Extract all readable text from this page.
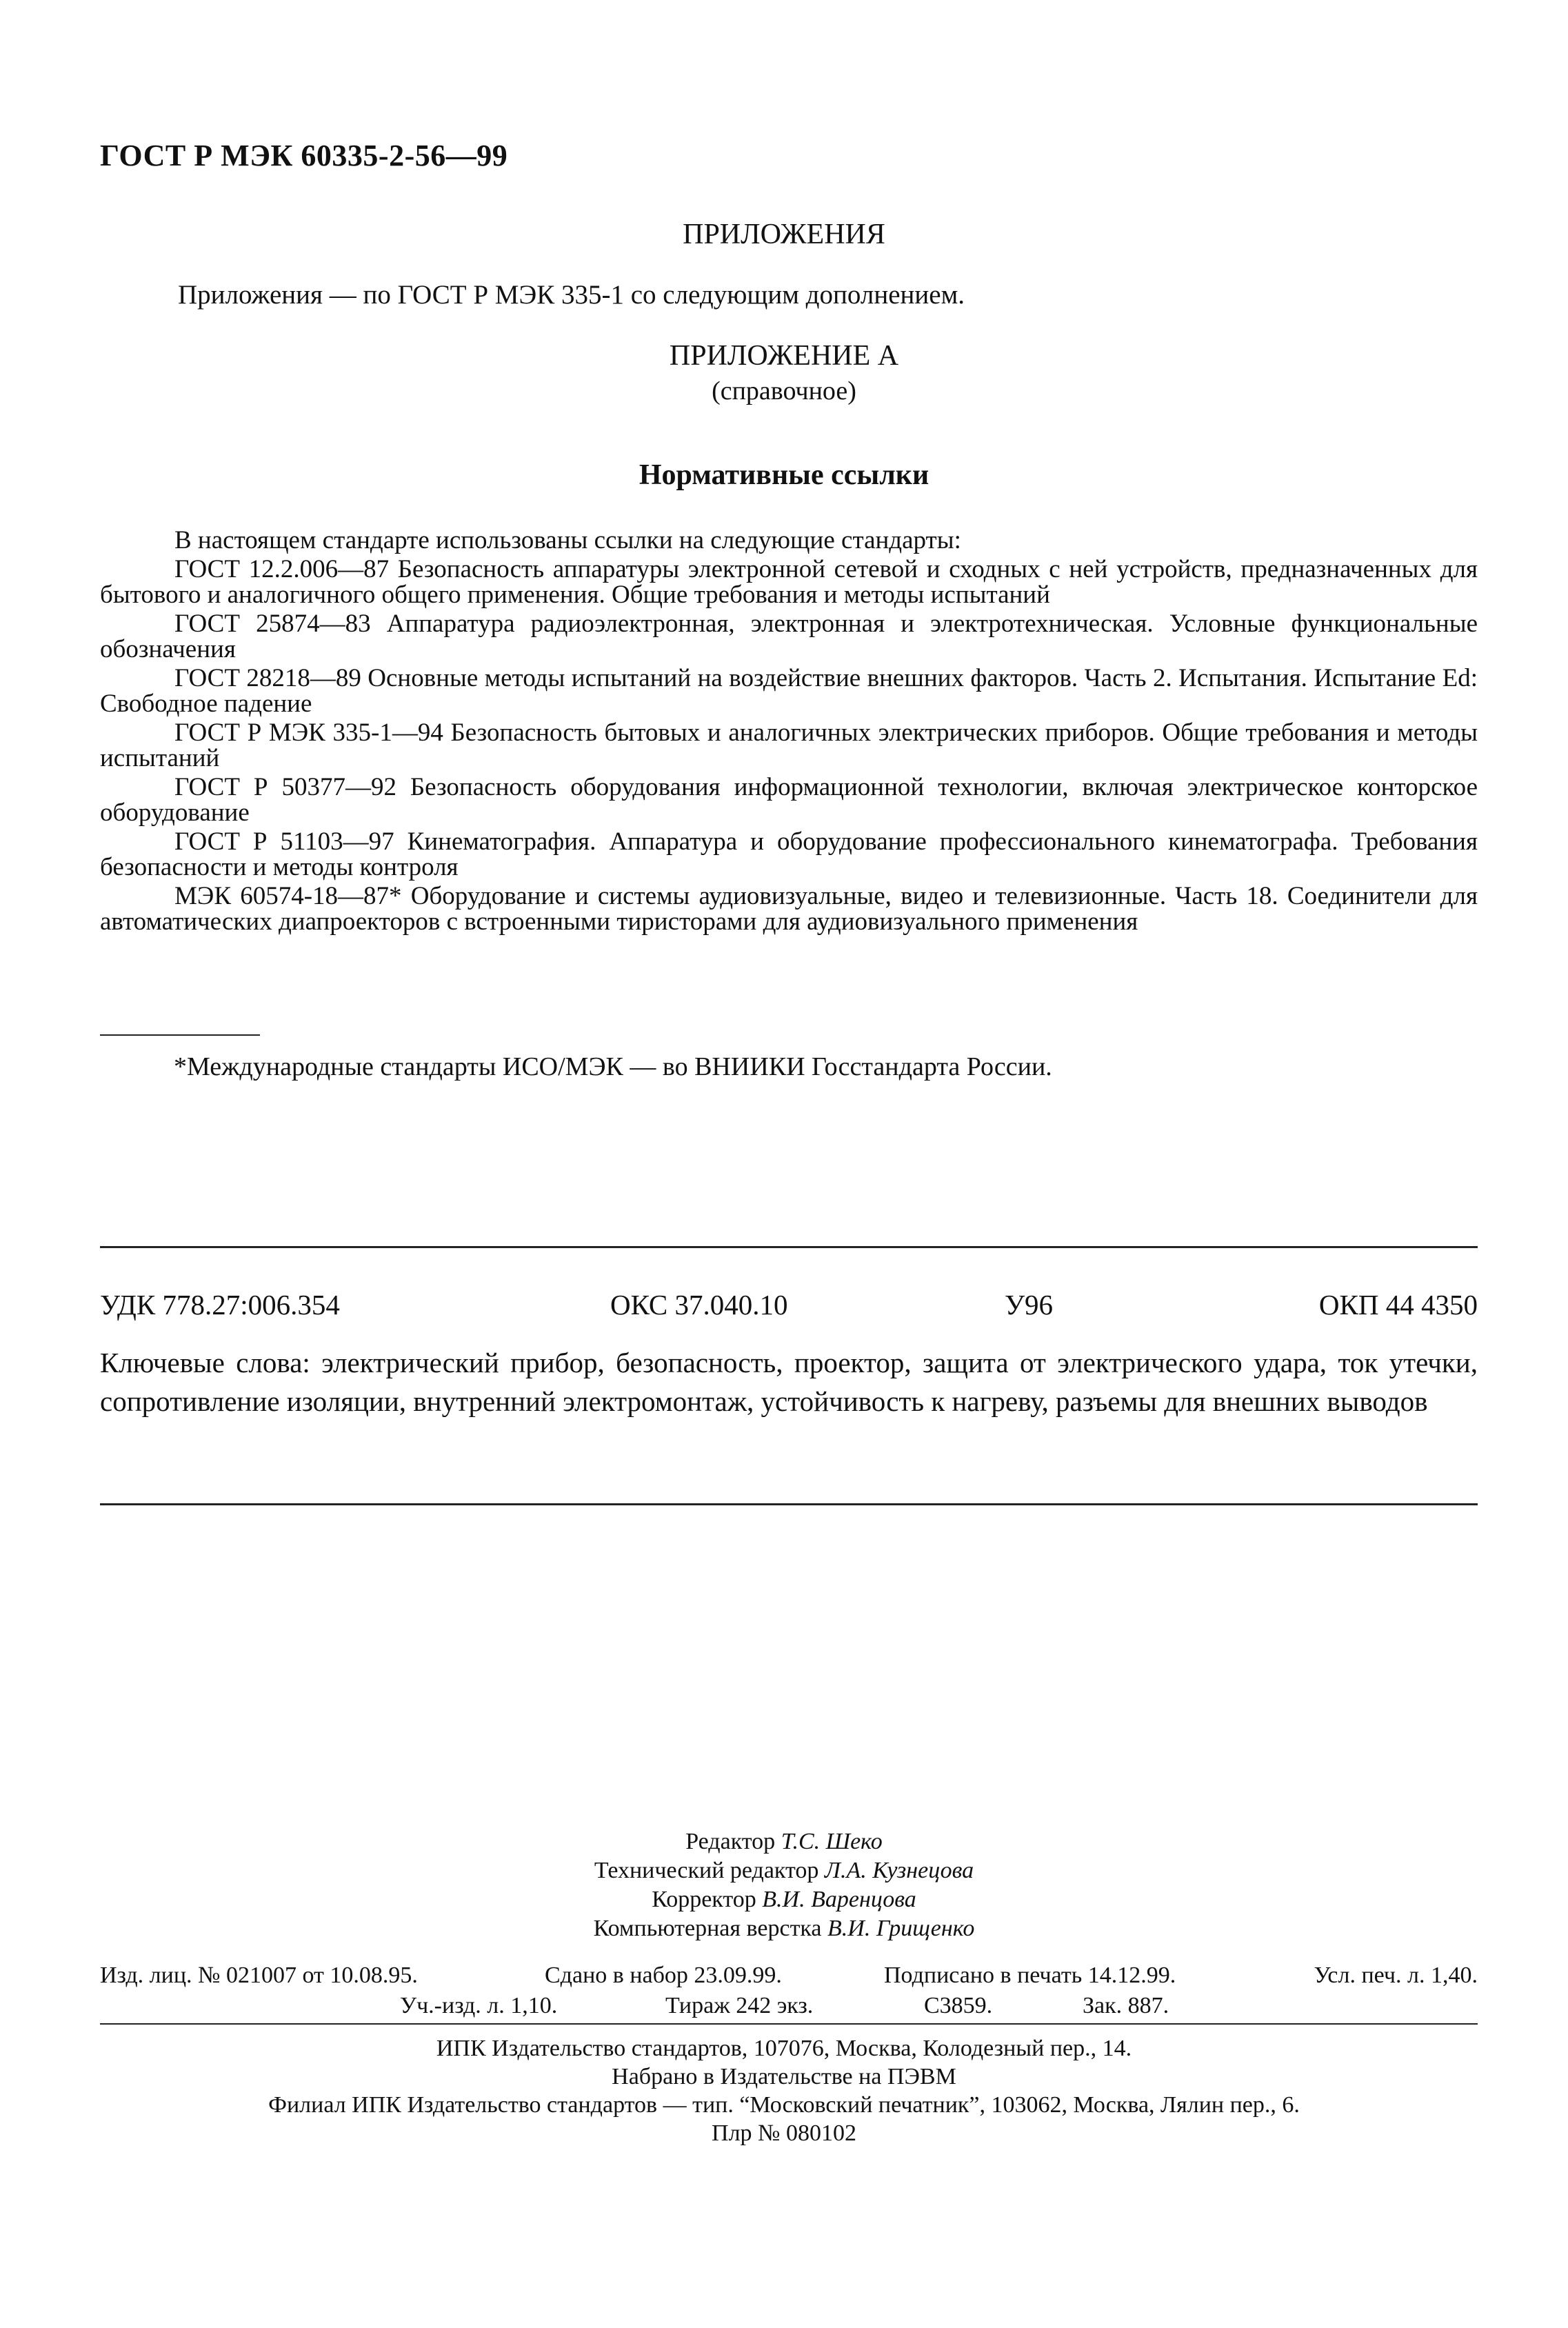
ГОСТ Р МЭК 60335-2-56—99
ПРИЛОЖЕНИЯ
Приложения — по ГОСТ Р МЭК 335-1 со следующим дополнением.
ПРИЛОЖЕНИЕ А
(справочное)
Нормативные ссылки

В настоящем стандарте использованы ссылки на следующие стандарты:

ГОСТ 12.2.006—87 Безопасность аппаратуры электронной сетевой и сходных с ней устройств, предназначенных для бытового и аналогичного общего применения. Общие требования и методы испытаний

ГОСТ 25874—83 Аппаратура радиоэлектронная, электронная и электротехническая. Условные функциональные обозначения

ГОСТ 28218—89 Основные методы испытаний на воздействие внешних факторов. Часть 2. Испытания. Испытание Ed: Свободное падение

ГОСТ Р МЭК 335-1—94 Безопасность бытовых и аналогичных электрических приборов. Общие требования и методы испытаний

ГОСТ Р 50377—92 Безопасность оборудования информационной технологии, включая электрическое конторское оборудование

ГОСТ Р 51103—97 Кинематография. Аппаратура и оборудование профессионального кинематографа. Требования безопасности и методы контроля

МЭК 60574-18—87* Оборудование и системы аудиовизуальные, видео и телевизионные. Часть 18. Соединители для автоматических диапроекторов с встроенными тиристорами для аудиовизуального применения

*Международные стандарты ИСО/МЭК — во ВНИИКИ Госстандарта России.
УДК 778.27:006.354	ОКС 37.040.10	У96	ОКП 44 4350
Ключевые слова: электрический прибор, безопасность, проектор, защита от электрического удара, ток утечки, сопротивление изоляции, внутренний электромонтаж, устойчивость к нагреву, разъемы для внешних выводов
Редактор Т.С. Шеко
Технический редактор Л.А. Кузнецова
Корректор В.И. Варенцова
Компьютерная верстка В.И. Грищенко
Изд. лиц. № 021007 от 10.08.95.	Сдано в набор 23.09.99.	Подписано в печать 14.12.99.	Усл. печ. л. 1,40.
Уч.-изд. л. 1,10.	Тираж 242 экз.	С3859.	Зак. 887.
ИПК Издательство стандартов, 107076, Москва, Колодезный пер., 14.
Набрано в Издательстве на ПЭВМ
Филиал ИПК Издательство стандартов — тип. “Московский печатник”, 103062, Москва, Лялин пер., 6.
Плр № 080102
